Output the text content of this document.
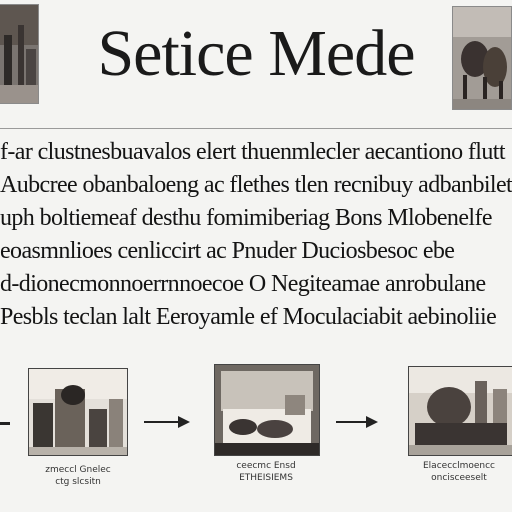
Setice Mede
f-ar clustnesbuavalos elert thuenmlecler aecantiono flutt
Aubcree obanbaloeng ac flethes tlen recnibuy adbanbilet
uph boltiemeaf desthu fomimiberiag Bons Mlobenelfe
eoasmnlioes cenliccirt ac Pnuder Duciosbesoc ebe
d-dionecmonnoerrnnoecoe O Negiteamae anrobulane
Pesbls teclan lalt Eeroyamle ef Moculaciabit aebinoliie
zmeccl Gnelec
ctg slcsitn
ceecmc Ensd
ETHEISIEMS
Elacecclmoencc
oncisceeselt
